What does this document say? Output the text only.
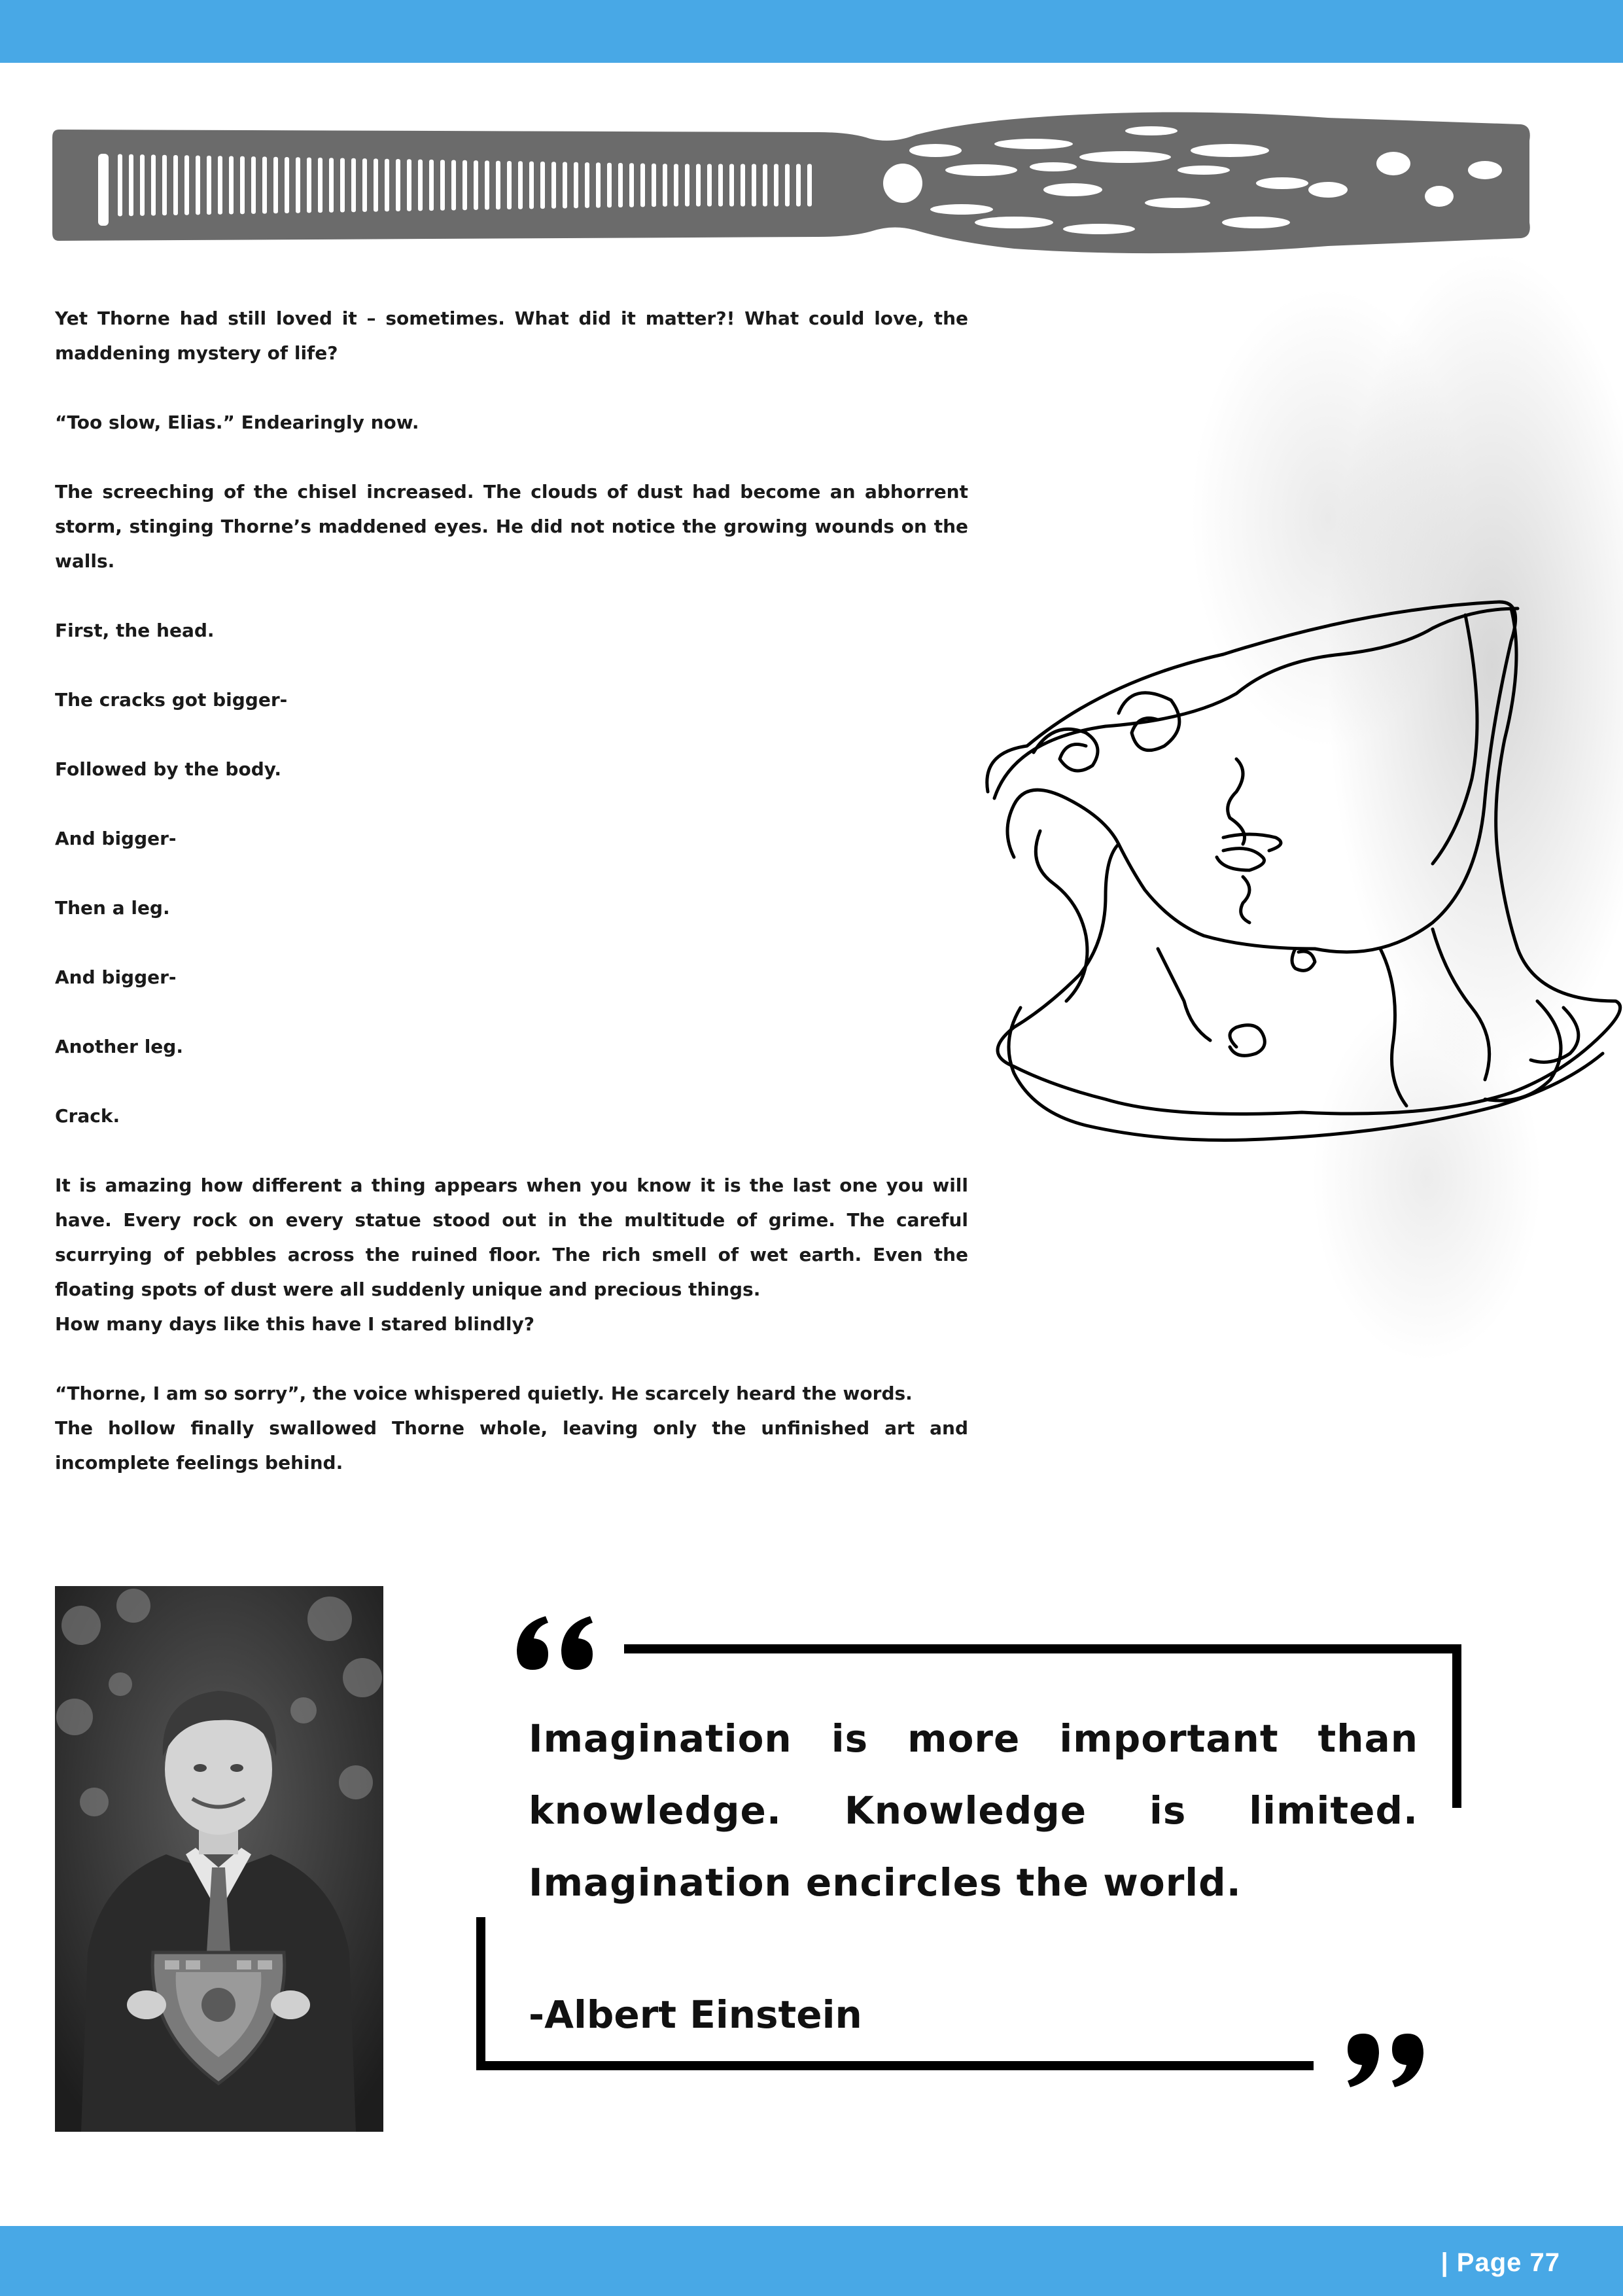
Yet Thorne had still loved it – sometimes. What did it matter?! What could love, the maddening mystery of life?

“Too slow, Elias.” Endearingly now.

The screeching of the chisel increased. The clouds of dust had become an abhorrent storm, stinging Thorne’s maddened eyes. He did not notice the growing wounds on the walls.

First, the head.

The cracks got bigger-

Followed by the body.

And bigger-

Then a leg.

And bigger-

Another leg.

Crack.

It is amazing how different a thing appears when you know it is the last one you will have. Every rock on every statue stood out in the multitude of grime. The careful scurrying of pebbles across the ruined floor. The rich smell of wet earth. Even the floating spots of dust were all suddenly unique and precious things.

How many days like this have I stared blindly?

“Thorne, I am so sorry”, the voice whispered quietly. He scarcely heard the words.

The hollow finally swallowed Thorne whole, leaving only the unfinished art and incomplete feelings behind.

Imagination is more important than knowledge. Knowledge is limited. Imagination encircles the world.
-Albert Einstein
| Page 77
